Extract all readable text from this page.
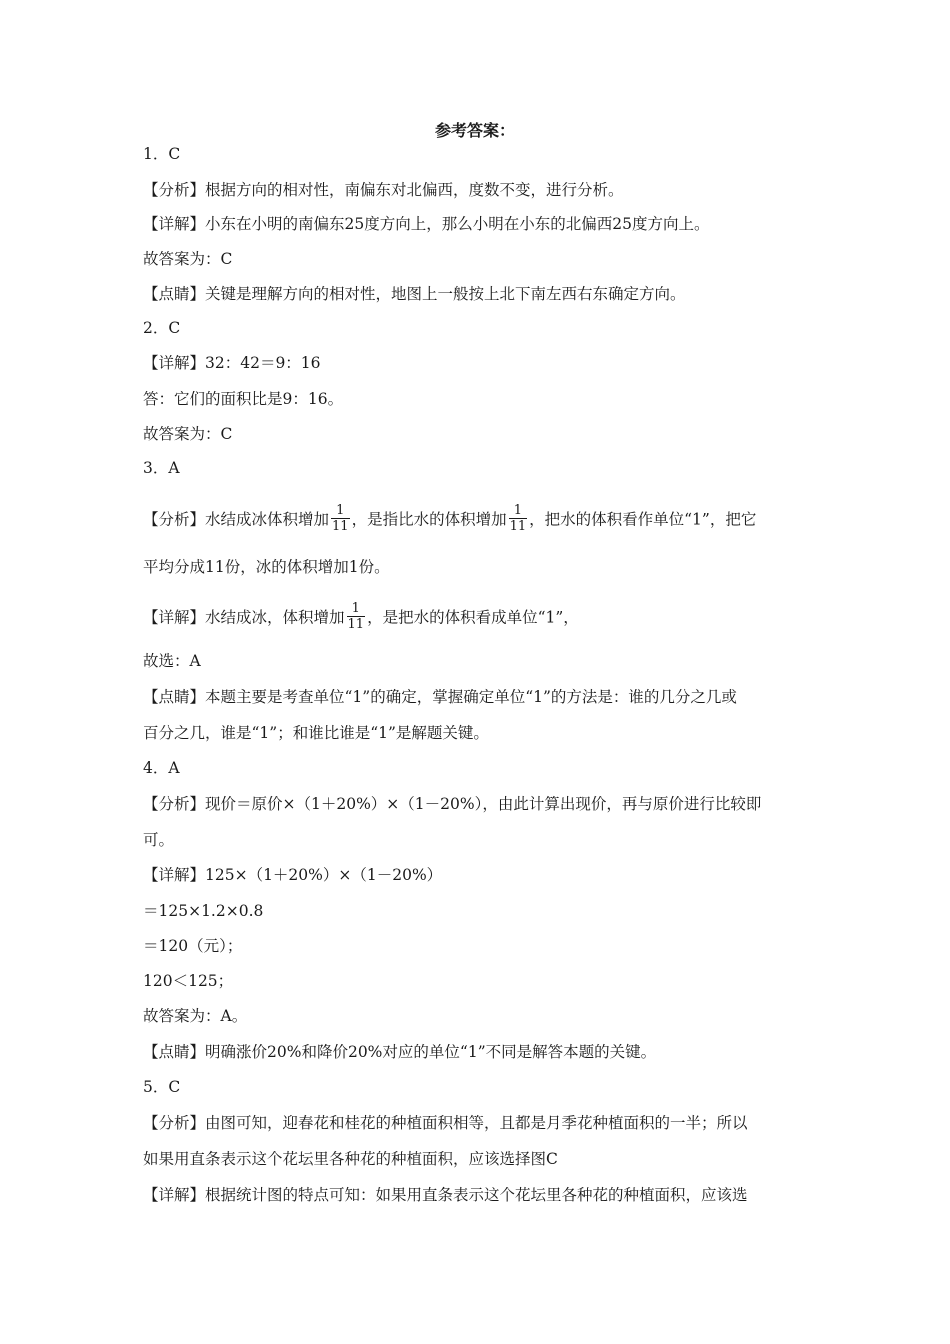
参考答案：
1．C
【分析】根据方向的相对性，南偏东对北偏西，度数不变，进行分析。
【详解】小东在小明的南偏东25度方向上，那么小明在小东的北偏西25度方向上。
故答案为：C
【点睛】关键是理解方向的相对性，地图上一般按上北下南左西右东确定方向。
2．C
【详解】32：42＝9：16
答：它们的面积比是9：16。
故答案为：C
3．A
【分析】水结成冰体积增加 $\frac{1}{11}$ ，是指比水的体积增加 $\frac{1}{11}$ ，把水的体积看作单位“1”，把它
平均分成11份，冰的体积增加1份。
【详解】水结成冰，体积增加 $\frac{1}{11}$ ，是把水的体积看成单位“1”，
故选：A
【点睛】本题主要是考查单位“1”的确定，掌握确定单位“1”的方法是：谁的几分之几或
百分之几，谁是“1”；和谁比谁是“1”是解题关键。
4．A
【分析】现价＝原价×（1＋20%）×（1－20%），由此计算出现价，再与原价进行比较即
可。
【详解】125×（1＋20%）×（1－20%）
＝125×1.2×0.8
＝120（元）；
120＜125；
故答案为：A。
【点睛】明确涨价20%和降价20%对应的单位“1”不同是解答本题的关键。
5．C
【分析】由图可知，迎春花和桂花的种植面积相等，且都是月季花种植面积的一半；所以
如果用直条表示这个花坛里各种花的种植面积，应该选择图C
【详解】根据统计图的特点可知：如果用直条表示这个花坛里各种花的种植面积，应该选
